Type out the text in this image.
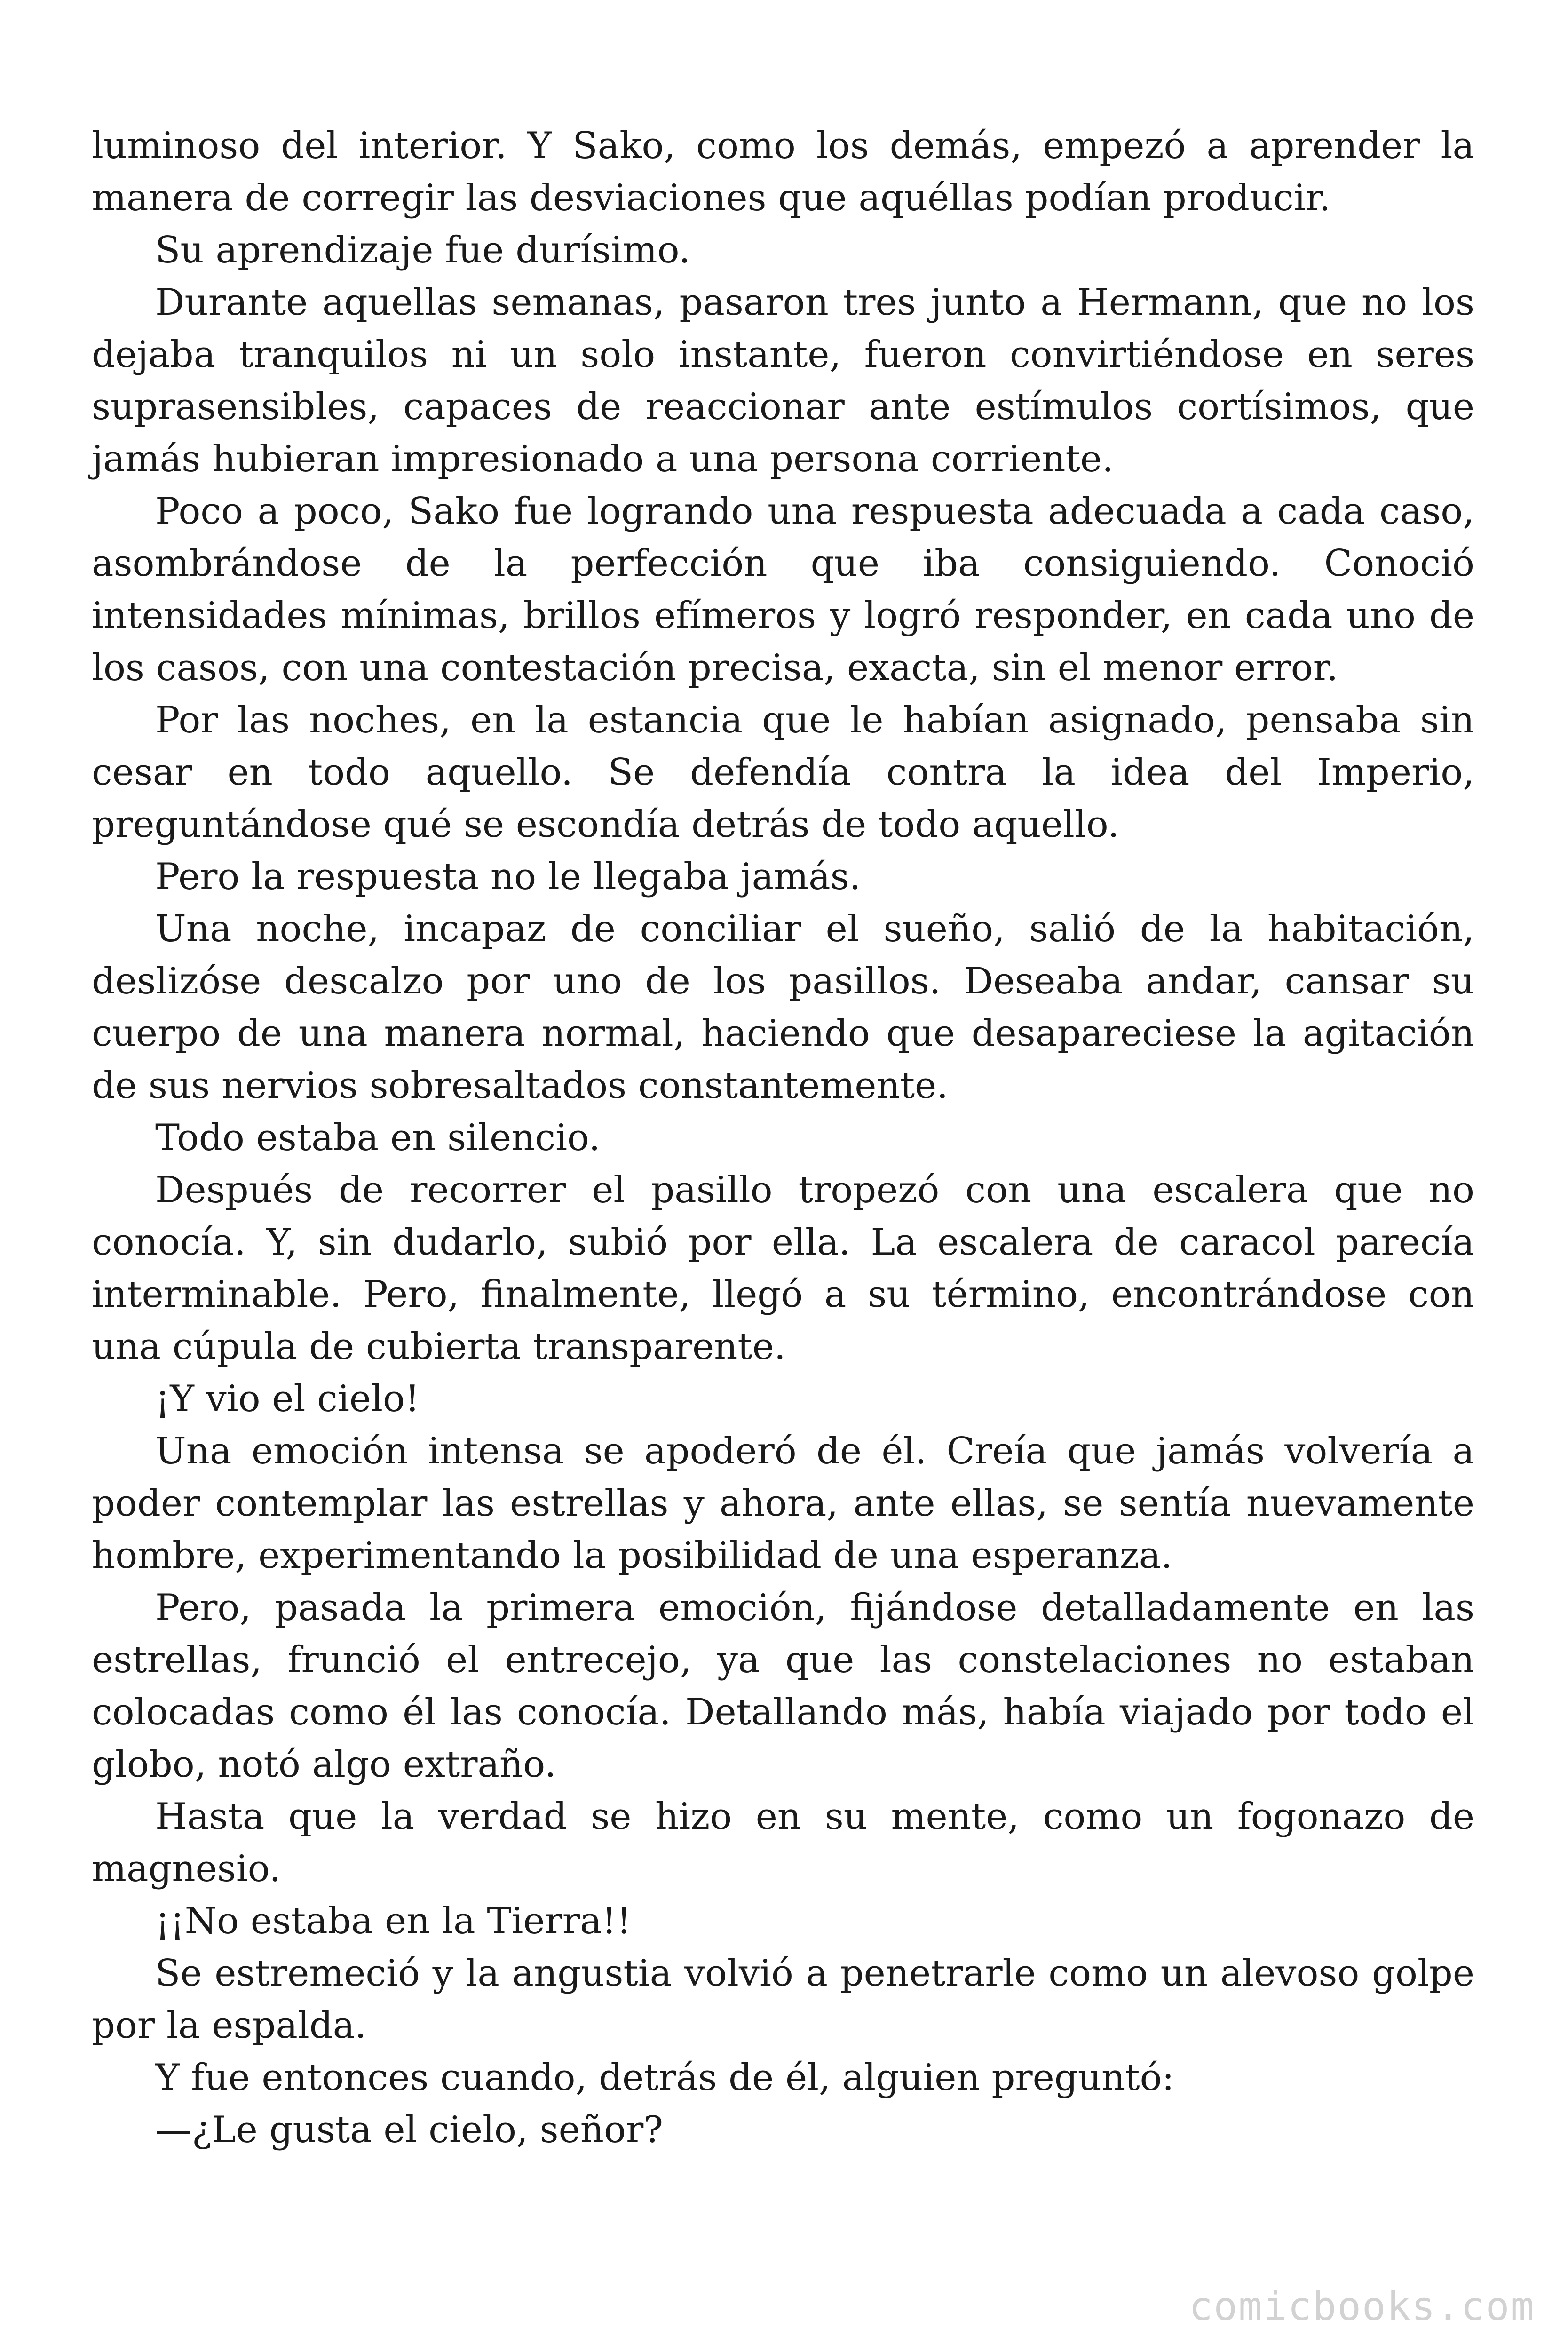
luminoso del interior. Y Sako, como los demás, empezó a aprender la manera de corregir las desviaciones que aquéllas podían producir.

Su aprendizaje fue durísimo.

Durante aquellas semanas, pasaron tres junto a Hermann, que no los dejaba tranquilos ni un solo instante, fueron convirtiéndose en seres suprasensibles, capaces de reaccionar ante estímulos cortísimos, que jamás hubieran impresionado a una persona corriente.

Poco a poco, Sako fue logrando una respuesta adecuada a cada caso, asombrándose de la perfección que iba consiguiendo. Conoció intensidades mínimas, brillos efímeros y logró responder, en cada uno de los casos, con una contestación precisa, exacta, sin el menor error.

Por las noches, en la estancia que le habían asignado, pensaba sin cesar en todo aquello. Se defendía contra la idea del Imperio, preguntándose qué se escondía detrás de todo aquello.

Pero la respuesta no le llegaba jamás.

Una noche, incapaz de conciliar el sueño, salió de la habitación, deslizóse descalzo por uno de los pasillos. Deseaba andar, cansar su cuerpo de una manera normal, haciendo que desapareciese la agitación de sus nervios sobresaltados constantemente.

Todo estaba en silencio.

Después de recorrer el pasillo tropezó con una escalera que no conocía. Y, sin dudarlo, subió por ella. La escalera de caracol parecía interminable. Pero, finalmente, llegó a su término, encontrándose con una cúpula de cubierta transparente.

¡Y vio el cielo!

Una emoción intensa se apoderó de él. Creía que jamás volvería a poder contemplar las estrellas y ahora, ante ellas, se sentía nuevamente hombre, experimentando la posibilidad de una esperanza.

Pero, pasada la primera emoción, fijándose detalladamente en las estrellas, frunció el entrecejo, ya que las constelaciones no estaban colocadas como él las conocía. Detallando más, había viajado por todo el globo, notó algo extraño.

Hasta que la verdad se hizo en su mente, como un fogonazo de magnesio.

¡¡No estaba en la Tierra!!

Se estremeció y la angustia volvió a penetrarle como un alevoso golpe por la espalda.

Y fue entonces cuando, detrás de él, alguien preguntó:

—¿Le gusta el cielo, señor?

comicbooks.com
